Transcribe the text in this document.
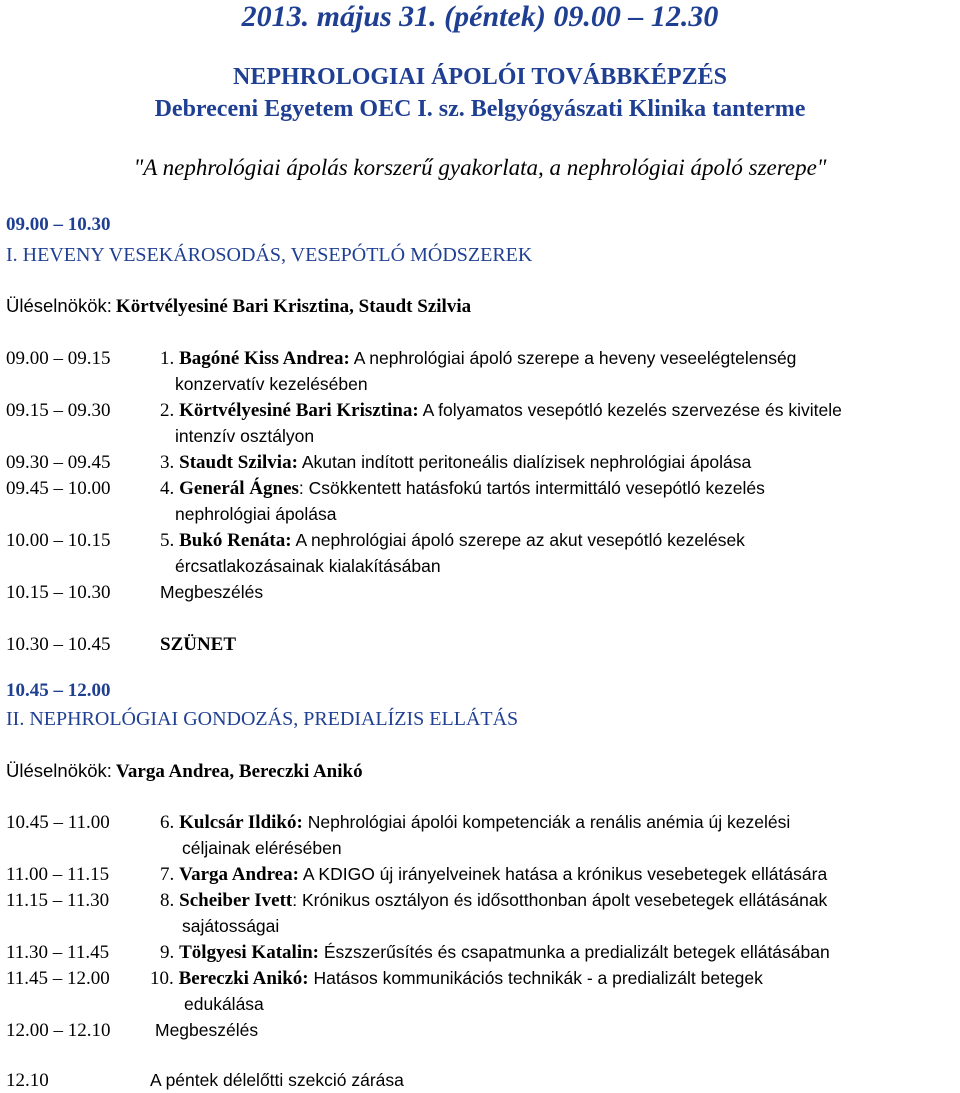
2013. május 31. (péntek) 09.00 – 12.30
NEPHROLOGIAI ÁPOLÓI TOVÁBBKÉPZÉS
Debreceni Egyetem OEC I. sz. Belgyógyászati Klinika tanterme
"A nephrológiai ápolás korszerű gyakorlata, a nephrológiai ápoló szerepe"
09.00 – 10.30
I. HEVENY VESEKÁROSODÁS, VESEPÓTLÓ MÓDSZEREK
Üléselnökök: Körtvélyesiné Bari Krisztina, Staudt Szilvia
09.00 – 09.15	1. Bagóné Kiss Andrea: A nephrológiai ápoló szerepe a heveny veseelégtelenség
konzervatív kezelésében
09.15 – 09.30	2. Körtvélyesiné Bari Krisztina: A folyamatos vesepótló kezelés szervezése és kivitele
intenzív osztályon
09.30 – 09.45	3. Staudt Szilvia: Akutan indított peritoneális dialízisek nephrológiai ápolása
09.45 – 10.00	4. Generál Ágnes: Csökkentett hatásfokú tartós intermittáló vesepótló kezelés
nephrológiai ápolása
10.00 – 10.15	5. Bukó Renáta: A nephrológiai ápoló szerepe az akut vesepótló kezelések
ércsatlakozásainak kialakításában
10.15 – 10.30	Megbeszélés
10.30 – 10.45	SZÜNET
10.45 – 12.00
II. NEPHROLÓGIAI GONDOZÁS, PREDIALÍZIS ELLÁTÁS
Üléselnökök: Varga Andrea, Bereczki Anikó
10.45 – 11.00	6. Kulcsár Ildikó: Nephrológiai ápolói kompetenciák a renális anémia új kezelési
céljainak elérésében
11.00 – 11.15	7. Varga Andrea: A KDIGO új irányelveinek hatása a krónikus vesebetegek ellátására
11.15 – 11.30	8. Scheiber Ivett: Krónikus osztályon és idősotthonban ápolt vesebetegek ellátásának
sajátosságai
11.30 – 11.45	9. Tölgyesi Katalin: Észszerűsítés és csapatmunka a predializált betegek ellátásában
11.45 – 12.00 10. Bereczki Anikó: Hatásos kommunikációs technikák - a predializált betegek
edukálása
12.00 – 12.10	Megbeszélés
12.10	A péntek délelőtti szekció zárása
